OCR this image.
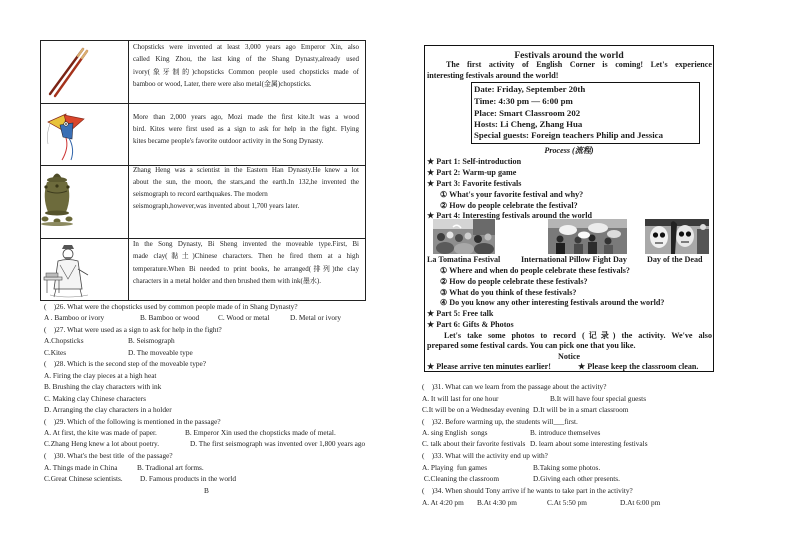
Chopsticks were invented at least 3,000 years ago Emperor Xin, also
called King Zhou, the last king of the Shang Dynasty,already used
ivory(象牙制的)chopsticks Common people used chopsticks made of
bamboo or wood, Later, there were also metal(金属)chopsticks.
More than 2,000 years ago, Mozi made the first kite.It was a wood
bird. Kites were first used as a sign to ask for help in the fight. Flying
kites became people's favorite outdoor activity in the Song Dynasty.
Zhang Heng was a scientist in the Eastern Han Dynasty.He knew a lot
about the sun, the moon, the stars,and the earth.In 132,he invented the
seismograph to record earthquakes. The modern
seismograph,however,was invented about 1,700 years later.
In the Song Dynasty, Bi Sheng invented the moveable type.First, Bi
made clay(黏土)Chinese characters. Then he fired them at a high
temperature.When Bi needed to print books, he arranged(排列)the clay
characters in a metal holder and then brushed them with ink(墨水).
(    )26. What were the chopsticks used by common people made of in Shang Dynasty?
A . Bamboo or ivory	B. Bamboo or wood	C. Wood or metal	D. Metal or ivory
(    )27. What were used as a sign to ask for help in the fight?
A.Chopsticks	B. Seismograph
C.Kites	D. The moveable type
(    )28. Which is the second step of the moveable type?
A. Firing the clay pieces at a high heat
B. Brushing the clay characters with ink
C. Making clay Chinese characters
D. Arranging the clay characters in a holder
(    )29. Which of the following is mentioned in the passage?
A. At first, the kite was made of paper.	B. Emperor Xin used the chopsticks made of metal.
C.Zhang Heng knew a lot about poetry.	D. The first seismograph was invented over 1,800 years ago
(    )30. What's the best title  of the passage?
A. Things made in China	B. Tradional art forms.
C.Great Chinese scientists. D. Famous products in the world
B
Festivals around the world
The first activity of English Corner is coming! Let's experience
interesting festivals around the world!
Date: Friday, September 20th
Time: 4:30 pm — 6:00 pm
Place: Smart Classroom 202
Hosts: Li Cheng, Zhang Hua
Special guests: Foreign teachers Philip and Jessica
Process (流程)
★ Part 1: Self-introduction
★ Part 2: Warm-up game
★ Part 3: Favorite festivals
① What's your favorite festival and why?
② How do people celebrate the festival?
★ Part 4: Interesting festivals around the world
La Tomatina Festival	International Pillow Fight Day Day of the Dead
① Where and when do people celebrate these festivals?
② How do people celebrate these festivals?
③ What do you think of these festivals?
④ Do you know any other interesting festivals around the world?
★ Part 5: Free talk
★ Part 6: Gifts & Photos
Let's take some photos to record (记录) the activity. We've also
prepared some festival cards. You can pick one that you like.
Notice
★ Please arrive ten minutes earlier!	★ Please keep the classroom clean.
(    )31. What can we learn from the passage about the activity?
A. It will last for one hour	B.It will have four special guests
C.It will be on a Wednesday evening D.It will be in a smart classroom
(    )32. Before warming up, the students will___first.
A. sing English  songs	B. introduce themselves
C. talk about their favorite festivals D. learn about some interesting festivals
(    )33. What will the activity end up with?
A. Playing  fun games	B.Taking some photos.
C.Cleaning the classroom	D.Giving each other presents.
(    )34. When should Tony arrive if he wants to take part in the activity?
A. At 4:20 pm B.At 4:30 pm	C.At 5:50 pm	D.At 6:00 pm
